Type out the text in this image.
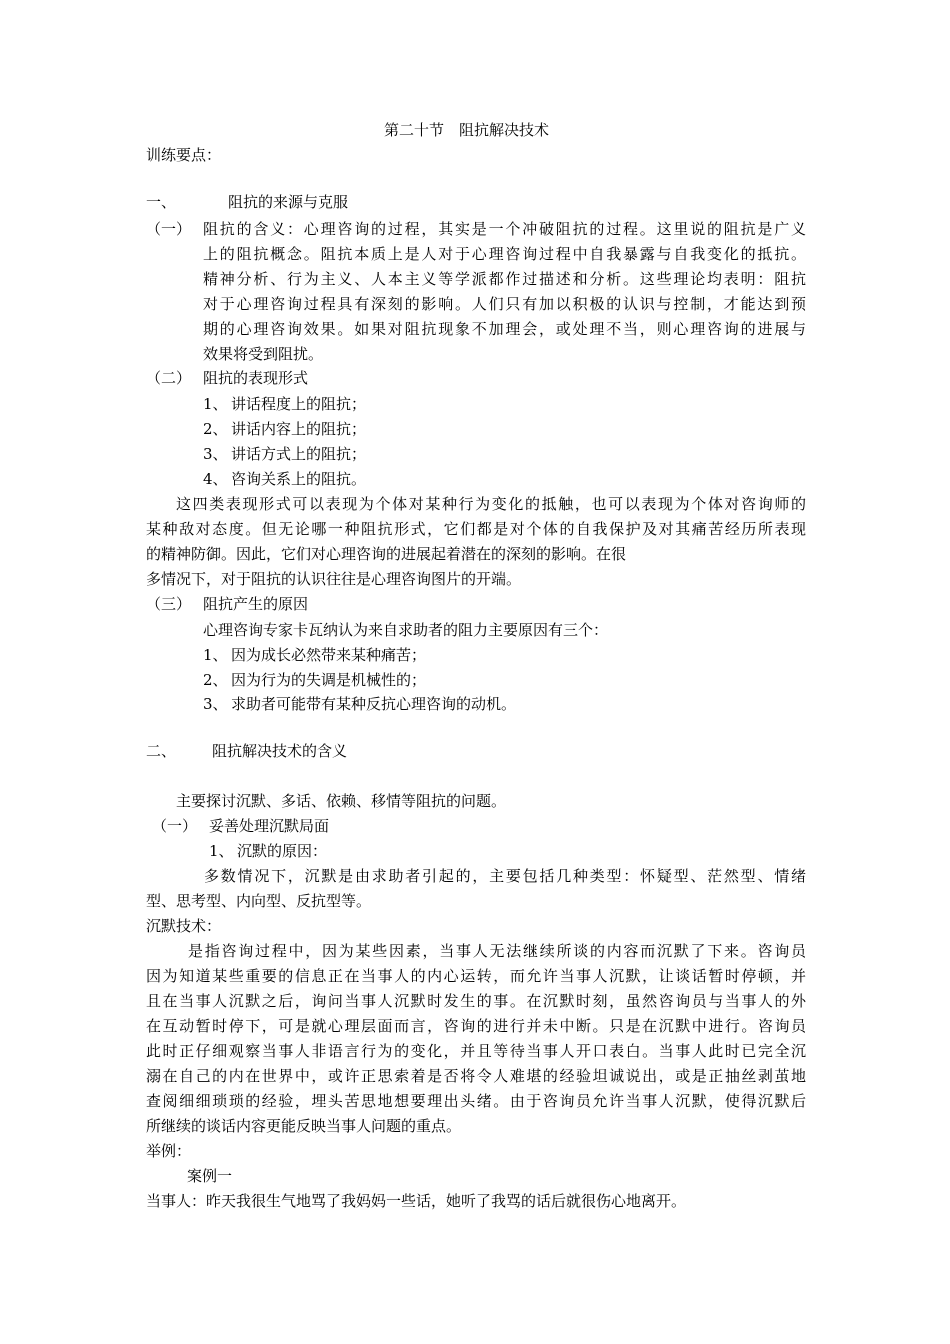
第二十节　阻抗解决技术
训练要点：
一、	阻抗的来源与克服
（一） 阻抗的含义：心理咨询的过程，其实是一个冲破阻抗的过程。这里说的阻抗是广义
上的阻抗概念。阻抗本质上是人对于心理咨询过程中自我暴露与自我变化的抵抗。
精神分析、行为主义、人本主义等学派都作过描述和分析。这些理论均表明：阻抗
对于心理咨询过程具有深刻的影响。人们只有加以积极的认识与控制，才能达到预
期的心理咨询效果。如果对阻抗现象不加理会，或处理不当，则心理咨询的进展与
效果将受到阻扰。
（二） 阻抗的表现形式
1、 讲话程度上的阻抗；
2、 讲话内容上的阻抗；
3、 讲话方式上的阻抗；
4、 咨询关系上的阻抗。
这四类表现形式可以表现为个体对某种行为变化的抵触，也可以表现为个体对咨询师的
某种敌对态度。但无论哪一种阻抗形式，它们都是对个体的自我保护及对其痛苦经历所表现
的精神防御。因此，它们对心理咨询的进展起着潜在的深刻的影响。在很
多情况下，对于阻抗的认识往往是心理咨询图片的开端。
（三） 阻抗产生的原因
心理咨询专家卡瓦纳认为来自求助者的阻力主要原因有三个：
1、 因为成长必然带来某种痛苦；
2、 因为行为的失调是机械性的；
3、 求助者可能带有某种反抗心理咨询的动机。
二、 阻抗解决技术的含义
主要探讨沉默、多话、依赖、移情等阻抗的问题。
（一） 妥善处理沉默局面
1、 沉默的原因：
多数情况下，沉默是由求助者引起的，主要包括几种类型：怀疑型、茫然型、情绪
型、思考型、内向型、反抗型等。
沉默技术：
是指咨询过程中，因为某些因素，当事人无法继续所谈的内容而沉默了下来。咨询员
因为知道某些重要的信息正在当事人的内心运转，而允许当事人沉默，让谈话暂时停顿，并
且在当事人沉默之后，询问当事人沉默时发生的事。在沉默时刻，虽然咨询员与当事人的外
在互动暂时停下，可是就心理层面而言，咨询的进行并未中断。只是在沉默中进行。咨询员
此时正仔细观察当事人非语言行为的变化，并且等待当事人开口表白。当事人此时已完全沉
溺在自己的内在世界中，或许正思索着是否将令人难堪的经验坦诚说出，或是正抽丝剥茧地
查阅细细琐琐的经验，埋头苦思地想要理出头绪。由于咨询员允许当事人沉默，使得沉默后
所继续的谈话内容更能反映当事人问题的重点。
举例：
案例一
当事人：昨天我很生气地骂了我妈妈一些话，她听了我骂的话后就很伤心地离开。
